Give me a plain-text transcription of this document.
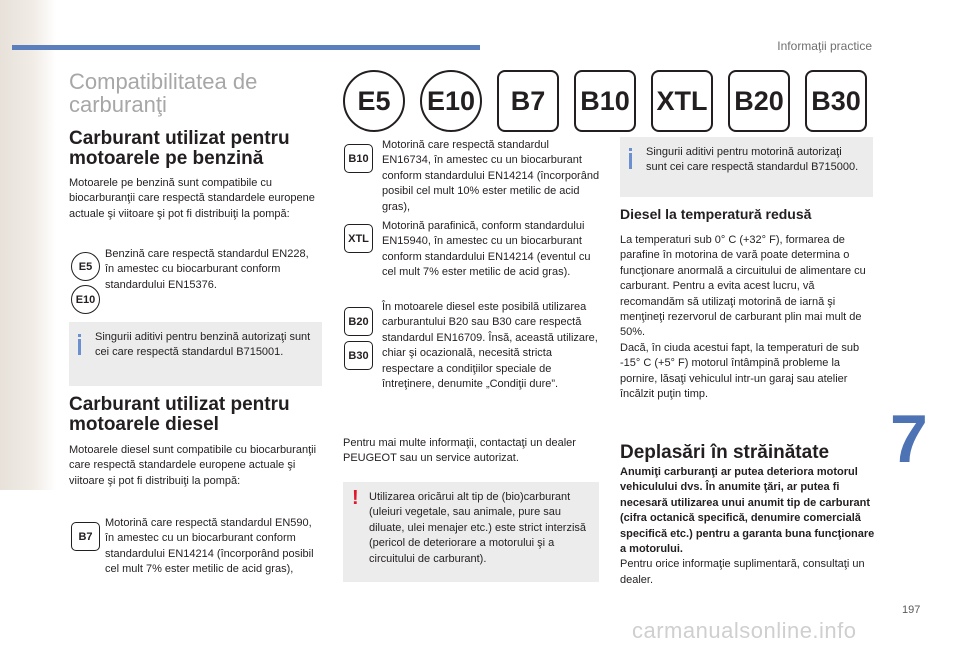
Informaţii practice
7
197
carmanualsonline.info
Compatibilitatea de
carburanţi
Carburant utilizat pentru
motoarele pe benzină
Motoarele pe benzină sunt compatibile cu biocarburanţii care respectă standardele europene actuale şi viitoare şi pot fi distribuiţi la pompă:
E5
E10
Benzină care respectă standardul EN228, în amestec cu biocarburant conform standardului EN15376.
Singurii aditivi pentru benzină autorizaţi sunt cei care respectă standardul B715001.
Carburant utilizat pentru
motoarele diesel
Motoarele diesel sunt compatibile cu biocarburanţii care respectă standardele europene actuale şi viitoare şi pot fi distribuiţi la pompă:
B7
Motorină care respectă standardul EN590, în amestec cu un biocarburant conform standardului EN14214 (încorporând posibil cel mult 7% ester metilic de acid gras),
E5	E10	B7	B10 XTL B20 B30
B10
Motorină care respectă standardul EN16734, în amestec cu un biocarburant conform standardului EN14214 (încorporând posibil cel mult 10% ester metilic de acid gras),
XTL
Motorină parafinică, conform standardului EN15940, în amestec cu un biocarburant conform standardului EN14214 (eventul cu cel mult 7% ester metilic de acid gras).
B20
B30
În motoarele diesel este posibilă utilizarea carburantului B20 sau B30 care respectă standardul EN16709. Însă, această utilizare, chiar şi ocazională, necesită stricta respectare a condiţiilor speciale de întreţinere, denumite „Condiţii dure”.
Pentru mai multe informaţii, contactaţi un dealer PEUGEOT sau un service autorizat.
! Utilizarea oricărui alt tip de (bio)carburant (uleiuri vegetale, sau animale, pure sau diluate, ulei menajer etc.) este strict interzisă (pericol de deteriorare a motorului şi a circuitului de carburant).
Singurii aditivi pentru motorină autorizaţi sunt cei care respectă standardul B715000.
Diesel la temperatură redusă
La temperaturi sub 0° C (+32° F), formarea de parafine în motorina de vară poate determina o funcţionare anormală a circuitului de alimentare cu carburant. Pentru a evita acest lucru, vă recomandăm să utilizaţi motorină de iarnă şi menţineţi rezervorul de carburant plin mai mult de 50%.
Dacă, în ciuda acestui fapt, la temperaturi de sub -15° C (+5° F) motorul întâmpină probleme la pornire, lăsaţi vehiculul intr-un garaj sau atelier încălzit puţin timp.
Deplasări în străinătate
Anumiţi carburanţi ar putea deteriora motorul vehiculului dvs. În anumite ţări, ar putea fi necesară utilizarea unui anumit tip de carburant (cifra octanică specifică, denumire comercială specifică etc.) pentru a garanta buna funcţionare a motorului.
Pentru orice informaţie suplimentară, consultaţi un dealer.
